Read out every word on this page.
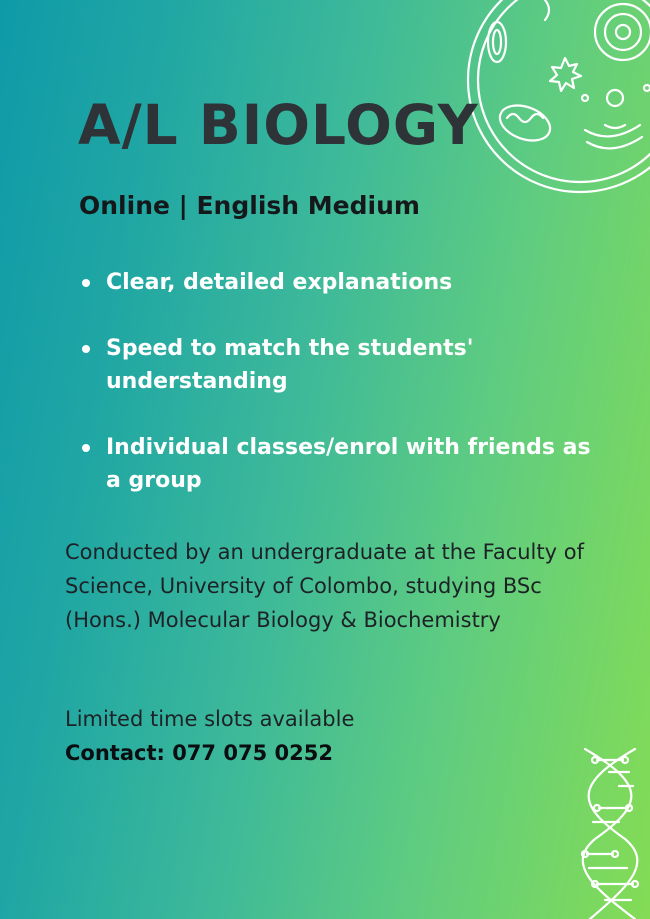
A/L BIOLOGY
Online | English Medium
Clear, detailed explanations
Speed to match the students' understanding
Individual classes/enrol with friends as a group

Conducted by an undergraduate at the Faculty of Science, University of Colombo, studying BSc (Hons.) Molecular Biology & Biochemistry

Limited time slots available

Contact: 077 075 0252
